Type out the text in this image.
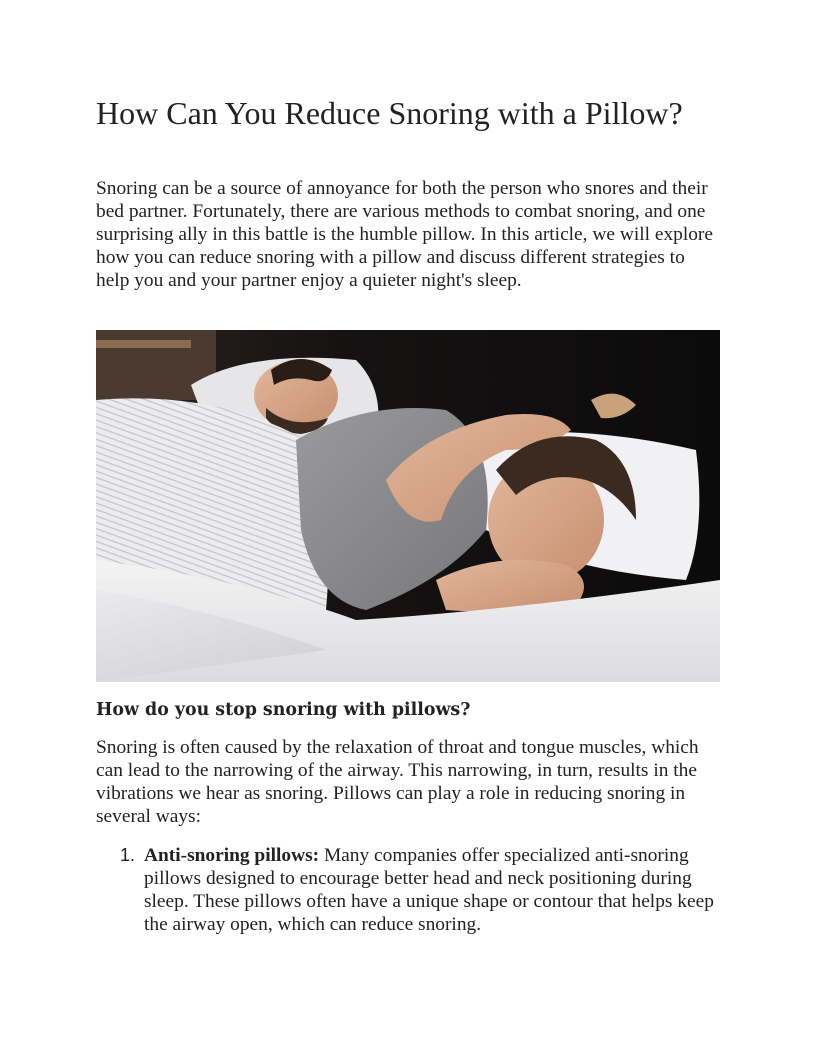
How Can You Reduce Snoring with a Pillow?

Snoring can be a source of annoyance for both the person who snores and their bed partner. Fortunately, there are various methods to combat snoring, and one surprising ally in this battle is the humble pillow. In this article, we will explore how you can reduce snoring with a pillow and discuss different strategies to help you and your partner enjoy a quieter night's sleep.

How do you stop snoring with pillows?

Snoring is often caused by the relaxation of throat and tongue muscles, which can lead to the narrowing of the airway. This narrowing, in turn, results in the vibrations we hear as snoring. Pillows can play a role in reducing snoring in several ways:

1. Anti-snoring pillows: Many companies offer specialized anti-snoring pillows designed to encourage better head and neck positioning during sleep. These pillows often have a unique shape or contour that helps keep the airway open, which can reduce snoring.
